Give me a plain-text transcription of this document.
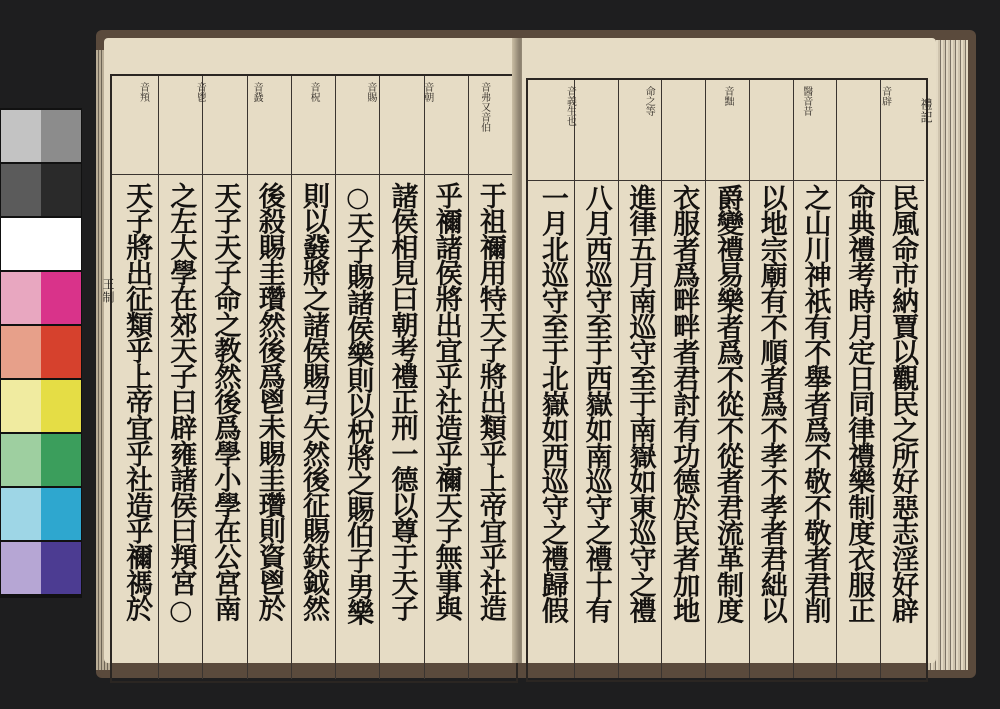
于祖禰用特天子將出類乎上帝宜乎社造
乎禰諸侯將出宜乎社造乎禰天子無事與
諸侯相見曰朝考禮正刑一德以尊于天子
○天子賜諸侯樂則以柷將之賜伯子男樂
則以鼗將之諸侯賜弓矢然後征賜鈇鉞然
後殺賜圭瓚然後爲鬯未賜圭瓚則資鬯於
天子天子命之教然後爲學小學在公宮南
之左大學在郊天子曰辟雍諸侯曰頖宮○
天子將出征類乎上帝宜乎社造乎禰禡於
音弗又音伯
音朝
音賜
音柷
音鼗
音鬯
音頖
王制	民風命市納賈以觀民之所好惡志淫好辟
命典禮考時月定日同律禮樂制度衣服正
之山川神祇有不舉者爲不敬不敬者君削
以地宗廟有不順者爲不孝不孝者君絀以
爵變禮易樂者爲不從不從者君流革制度
衣服者爲畔畔者君討有功德於民者加地
進律五月南巡守至于南嶽如東巡守之禮
八月西巡守至于西嶽如南巡守之禮十有
一月北巡守至于北嶽如西巡守之禮歸假
音辟
醫音昔
音黜
命之等
音義生也	禮記
